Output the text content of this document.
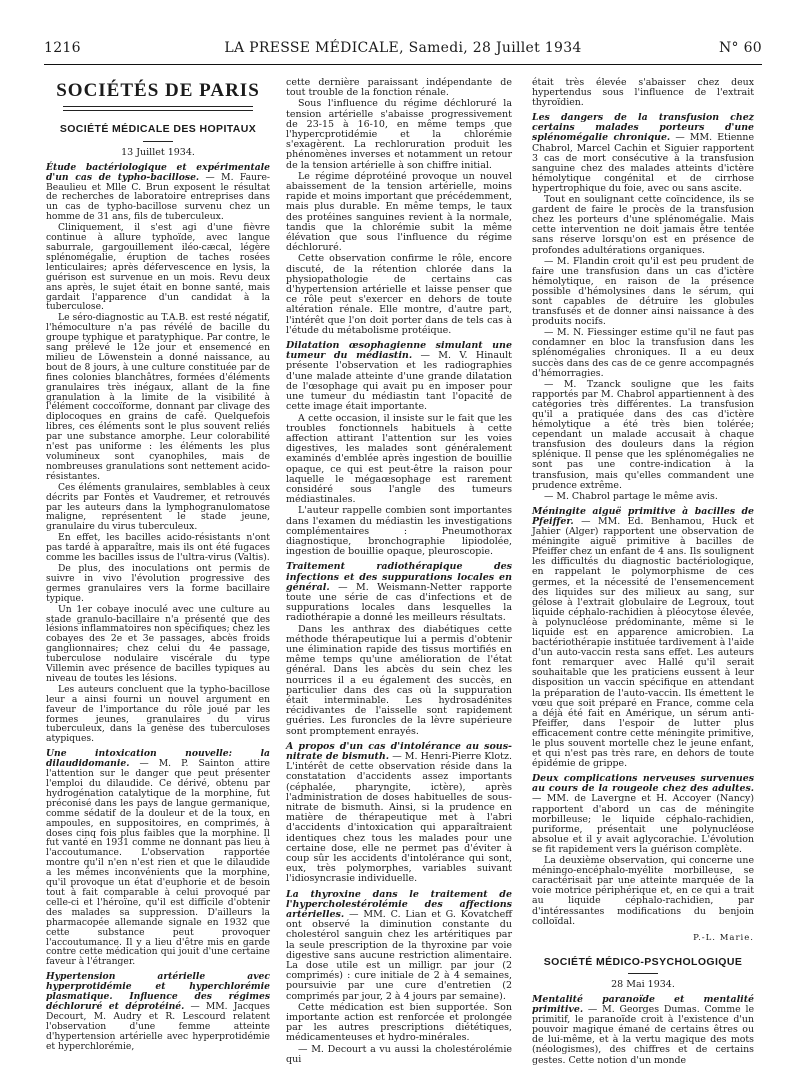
1216	LA PRESSE MÉDICALE, Samedi, 28 Juillet 1934	N° 60
SOCIÉTÉS DE PARIS
SOCIÉTÉ MÉDICALE DES HOPITAUX
13 Juillet 1934.

Étude bactériologique et expérimentale d'un cas de typho-bacillose. — M. Faure-Beaulieu et Mlle C. Brun exposent le résultat de recherches de laboratoire entreprises dans un cas de typho-bacillose survenu chez un homme de 31 ans, fils de tuberculeux.

Cliniquement, il s'est agi d'une fièvre continue à allure typhoïde, avec langue saburrale, gargouillement iléo-cæcal, légère splénomégalie, éruption de taches rosées lenticulaires; après défervescence en lysis, la guérison est survenue en un mois. Revu deux ans après, le sujet était en bonne santé, mais gardait l'apparence d'un candidat à la tuberculose.

Le séro-diagnostic au T.A.B. est resté négatif, l'hémoculture n'a pas révélé de bacille du groupe typhique et paratyphique. Par contre, le sang prélevé le 12e jour et ensemencé en milieu de Löwenstein a donné naissance, au bout de 8 jours, à une culture constituée par de fines colonies blanchâtres, formées d'éléments granulaires très inégaux, allant de la fine granulation à la limite de la visibilité à l'élément coccoïforme, donnant par clivage des diplocoques en grains de café. Quelquefois libres, ces éléments sont le plus souvent reliés par une substance amorphe. Leur colorabilité n'est pas uniforme : les éléments les plus volumineux sont cyanophiles, mais de nombreuses granulations sont nettement acido-résistantes.

Ces éléments granulaires, semblables à ceux décrits par Fontès et Vaudremer, et retrouvés par les auteurs dans la lymphogranulomatose maligne, représentent le stade jeune, granulaire du virus tuberculeux.

En effet, les bacilles acido-résistants n'ont pas tardé à apparaître, mais ils ont été fugaces comme les bacilles issus de l'ultra-virus (Valtis).

De plus, des inoculations ont permis de suivre in vivo l'évolution progressive des germes granulaires vers la forme bacillaire typique.

Un 1er cobaye inoculé avec une culture au stade granulo-bacillaire n'a présenté que des lésions inflammatoires non spécifiques; chez les cobayes des 2e et 3e passages, abcès froids ganglionnaires; chez celui du 4e passage, tuberculose nodulaire viscérale du type Villemin avec présence de bacilles typiques au niveau de toutes les lésions.

Les auteurs concluent que la typho-bacillose leur a ainsi fourni un nouvel argument en faveur de l'importance du rôle joué par les formes jeunes, granulaires du virus tuberculeux, dans la genèse des tuberculoses atypiques.

Une intoxication nouvelle: la dilaudidomanie. — M. P. Sainton attire l'attention sur le danger que peut présenter l'emploi du dilaudide. Ce dérivé, obtenu par hydrogénation catalytique de la morphine, fut préconisé dans les pays de langue germanique, comme sédatif de la douleur et de la toux, en ampoules, en suppositoires, en comprimés, à doses cinq fois plus faibles que la morphine. Il fut vanté en 1931 comme ne donnant pas lieu à l'accoutumance. L'observation rapportée montre qu'il n'en n'est rien et que le dilaudide a les mêmes inconvénients que la morphine, qu'il provoque un état d'euphorie et de besoin tout à fait comparable à celui provoqué par celle-ci et l'héroïne, qu'il est difficile d'obtenir des malades sa suppression. D'ailleurs la pharmacopée allemande signale en 1932 que cette substance peut provoquer l'accoutumance. Il y a lieu d'être mis en garde contre cette médication qui jouit d'une certaine faveur à l'étranger.

Hypertension artérielle avec hyperprotidémie et hyperchlorémie plasmatique. Influence des régimes déchloruré et déprotéiné. — MM. Jacques Decourt, M. Audry et R. Lescourd relatent l'observation d'une femme atteinte d'hypertension artérielle avec hyperprotidémie et hyperchlorémie,

cette dernière paraissant indépendante de tout trouble de la fonction rénale.

Sous l'influence du régime déchloruré la tension artérielle s'abaisse progressivement de 23-15 à 16-10, en même temps que l'hypercprotidémie et la chlorémie s'exagèrent. La rechloruration produit les phénomènes inverses et notamment un retour de la tension artérielle à son chiffre initial.

Le régime déprotéiné provoque un nouvel abaissement de la tension artérielle, moins rapide et moins important que précédemment, mais plus durable. En même temps, le taux des protéines sanguines revient à la normale, tandis que la chlorémie subit la même élévation que sous l'influence du régime déchloruré.

Cette observation confirme le rôle, encore discuté, de la rétention chlorée dans la physiopathologie de certains cas d'hypertension artérielle et laisse penser que ce rôle peut s'exercer en dehors de toute altération rénale. Elle montre, d'autre part, l'intérêt que l'on doit porter dans de tels cas à l'étude du métabolisme protéique.

Dilatation œsophagienne simulant une tumeur du médiastin. — M. V. Hinault présente l'observation et les radiographies d'une malade atteinte d'une grande dilatation de l'œsophage qui avait pu en imposer pour une tumeur du médiastin tant l'opacité de cette image était importante.

A cette occasion, il insiste sur le fait que les troubles fonctionnels habituels à cette affection attirant l'attention sur les voies digestives, les malades sont généralement examinés d'emblée après ingestion de bouillie opaque, ce qui est peut-être la raison pour laquelle le mégaœsophage est rarement considéré sous l'angle des tumeurs médiastinales.

L'auteur rappelle combien sont importantes dans l'examen du médiastin les investigations complémentaires : Pneumothorax diagnostique, bronchographie lipiodolée, ingestion de bouillie opaque, pleuroscopie.

Traitement radiothérapique des infections et des suppurations locales en général. — M. Weismann-Netter rapporte toute une série de cas d'infections et de suppurations locales dans lesquelles la radiothérapie a donné les meilleurs résultats.

Dans les anthrax des diabétiques cette méthode thérapeutique lui a permis d'obtenir une élimination rapide des tissus mortifiés en même temps qu'une amélioration de l'état général. Dans les abcès du sein chez les nourrices il a eu également des succès, en particulier dans des cas où la suppuration était interminable. Les hydrosadénites récidivantes de l'aisselle sont rapidement guéries. Les furoncles de la lèvre supérieure sont promptement enrayés.

A propos d'un cas d'intolérance au sous-nitrate de bismuth. — M. Henri-Pierre Klotz. L'intérêt de cette observation réside dans la constatation d'accidents assez importants (céphalée, pharyngite, ictère), après l'administration de doses habituelles de sous-nitrate de bismuth. Ainsi, si la prudence en matière de thérapeutique met à l'abri d'accidents d'intoxication qui apparaîtraient identiques chez tous les malades pour une certaine dose, elle ne permet pas d'éviter à coup sûr les accidents d'intolérance qui sont, eux, très polymorphes, variables suivant l'idiosyncrasie individuelle.

La thyroxine dans le traitement de l'hypercholestérolémie des affections artérielles. — MM. C. Lian et G. Kovatcheff ont observé la diminution constante du cholestérol sanguin chez les artéritiques par la seule prescription de la thyroxine par voie digestive sans aucune restriction alimentaire. La dose utile est un milligr. par jour (2 comprimés) : cure initiale de 2 à 4 semaines, poursuivie par une cure d'entretien (2 comprimés par jour, 2 à 4 jours par semaine).

Cette médication est bien supportée. Son importante action est renforcée et prolongée par les autres prescriptions diététiques, médicamenteuses et hydro-minérales.

— M. Decourt a vu aussi la cholestérolémie qui

était très élevée s'abaisser chez deux hypertendus sous l'influence de l'extrait thyroïdien.

Les dangers de la transfusion chez certains malades porteurs d'une splénomégalie chronique. — MM. Etienne Chabrol, Marcel Cachin et Siguier rapportent 3 cas de mort consécutive à la transfusion sanguine chez des malades atteints d'ictère hémolytique congénital et de cirrhose hypertrophique du foie, avec ou sans ascite.

Tout en soulignant cette coïncidence, ils se gardent de faire le procès de la transfusion chez les porteurs d'une splénomégalie. Mais cette intervention ne doit jamais être tentée sans réserve lorsqu'on est en présence de profondes adultérations organiques.

— M. Flandin croit qu'il est peu prudent de faire une transfusion dans un cas d'ictère hémolytique, en raison de la présence possible d'hémolysines dans le sérum, qui sont capables de détruire les globules transfusés et de donner ainsi naissance à des produits nocifs.

— M. N. Fiessinger estime qu'il ne faut pas condamner en bloc la transfusion dans les splénomégalies chroniques. Il a eu deux succès dans des cas de ce genre accompagnés d'hémorragies.

— M. Tzanck souligne que les faits rapportés par M. Chabrol appartiennent à des catégories très différentes. La transfusion qu'il a pratiquée dans des cas d'ictère hémolytique a été très bien tolérée; cependant un malade accusait à chaque transfusion des douleurs dans la région splénique. Il pense que les splénomégalies ne sont pas une contre-indication à la transfusion, mais qu'elles commandent une prudence extrême.

— M. Chabrol partage le même avis.

Méningite aiguë primitive à bacilles de Pfeiffer. — MM. Ed. Benhamou, Huck et Jahier (Alger) rapportent une observation de méningite aiguë primitive à bacilles de Pfeiffer chez un enfant de 4 ans. Ils soulignent les difficultés du diagnostic bactériologique, en rappelant le polymorphisme de ces germes, et la nécessité de l'ensemencement des liquides sur des milieux au sang, sur gélose à l'extrait globulaire de Legroux, tout liquide céphalo-rachidien à pléocytose élevée, à polynucléose prédominante, même si le liquide est en apparence amicrobien. La bactériothérapie instituée tardivement à l'aide d'un auto-vaccin resta sans effet. Les auteurs font remarquer avec Hallé qu'il serait souhaitable que les praticiens eussent à leur disposition un vaccin spécifique en attendant la préparation de l'auto-vaccin. Ils émettent le vœu que soit préparé en France, comme cela a déjà été fait en Amérique, un sérum anti-Pfeiffer, dans l'espoir de lutter plus efficacement contre cette méningite primitive, le plus souvent mortelle chez le jeune enfant, et qui n'est pas très rare, en dehors de toute épidémie de grippe.

Deux complications nerveuses survenues au cours de la rougeole chez des adultes. — MM. de Lavergne et H. Accoyer (Nancy) rapportent d'abord un cas de méningite morbilleuse; le liquide céphalo-rachidien, puriforme, présentait une polynucléose absolue et il y avait aglycorachie. L'évolution se fit rapidement vers la guérison complète.

La deuxième observation, qui concerne une méningo-encéphalo-myélite morbilleuse, se caractérisait par une atteinte marquée de la voie motrice périphérique et, en ce qui a trait au liquide céphalo-rachidien, par d'intéressantes modifications du benjoin colloïdal.

P.-L. Marie.

SOCIÉTÉ MÉDICO-PSYCHOLOGIQUE
28 Mai 1934.

Mentalité paranoïde et mentalité primitive. — M. Georges Dumas. Comme le primitif, le paranoïde croit à l'existence d'un pouvoir magique émané de certains êtres ou de lui-même, et à la vertu magique des mots (néologismes), des chiffres et de certains gestes. Cette notion d'un monde
